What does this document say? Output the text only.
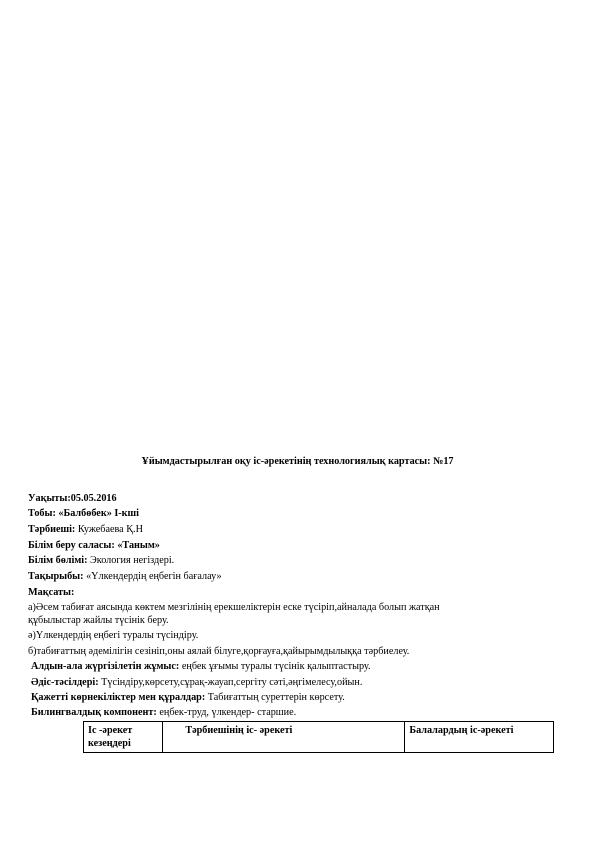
Ұйымдастырылған оқу іс-әрекетінің технологиялық картасы: №17
Уақыты:05.05.2016
Тобы: «Балбөбек» І-кші
Тәрбиеші: Кужебаева Қ.Н
Білім беру саласы: «Таным»
Білім бөлімі: Экология негіздері.
Тақырыбы: «Үлкендердің еңбегін бағалау»
Мақсаты:
а)Әсем табиғат аясында көктем мезгілінің ерекшеліктерін еске түсіріп,айналада болып жатқан
құбылыстар жайлы түсінік беру.
ә)Үлкендердің еңбегі туралы түсіндіру.
б)табиғаттың әдемілігін сезініп,оны аялай білуге,қорғауға,қайырымдылыққа тәрбиелеу.
Алдын-ала жүргізілетін жұмыс: еңбек ұғымы туралы түсінік қалыптастыру.
Әдіс-тәсілдері: Түсіндіру,көрсету,сұрақ-жауап,сергіту сәті,әңгімелесу,ойын.
Қажетті көрнекіліктер мен құралдар: Табиғаттың суреттерін көрсету.
Билингвалдық компонент: еңбек-труд, үлкендер- старшие.
Іс -әрекет кезеңдері	Тәрбиешінің іс- әрекеті	Балалардың іс-әрекеті
